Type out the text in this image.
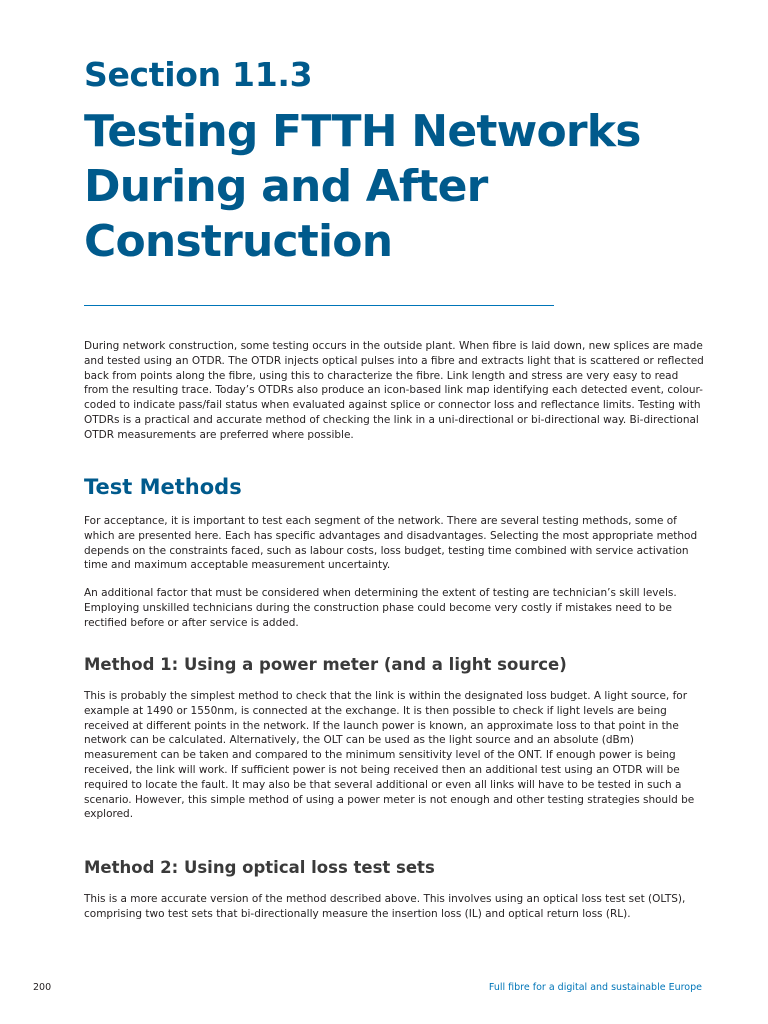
Section 11.3
Testing FTTH Networks During and After Construction

During network construction, some testing occurs in the outside plant. When fibre is laid down, new splices are made and tested using an OTDR. The OTDR injects optical pulses into a fibre and extracts light that is scattered or reflected back from points along the fibre, using this to characterize the fibre. Link length and stress are very easy to read from the resulting trace. Today’s OTDRs also produce an icon-based link map identifying each detected event, colour-coded to indicate pass/fail status when evaluated against splice or connector loss and reflectance limits. Testing with OTDRs is a practical and accurate method of checking the link in a uni-directional or bi-directional way. Bi-directional OTDR measurements are preferred where possible.

Test Methods

For acceptance, it is important to test each segment of the network. There are several testing methods, some of which are presented here. Each has specific advantages and disadvantages. Selecting the most appropriate method depends on the constraints faced, such as labour costs, loss budget, testing time combined with service activation time and maximum acceptable measurement uncertainty.

An additional factor that must be considered when determining the extent of testing are technician’s skill levels. Employing unskilled technicians during the construction phase could become very costly if mistakes need to be rectified before or after service is added.

Method 1: Using a power meter (and a light source)

This is probably the simplest method to check that the link is within the designated loss budget. A light source, for example at 1490 or 1550nm, is connected at the exchange. It is then possible to check if light levels are being received at different points in the network. If the launch power is known, an approximate loss to that point in the network can be calculated. Alternatively, the OLT can be used as the light source and an absolute (dBm) measurement can be taken and compared to the minimum sensitivity level of the ONT. If enough power is being received, the link will work. If sufficient power is not being received then an additional test using an OTDR will be required to locate the fault. It may also be that several additional or even all links will have to be tested in such a scenario. However, this simple method of using a power meter is not enough and other testing strategies should be explored.

Method 2: Using optical loss test sets

This is a more accurate version of the method described above. This involves using an optical loss test set (OLTS), comprising two test sets that bi-directionally measure the insertion loss (IL) and optical return loss (RL).

200	Full fibre for a digital and sustainable Europe
